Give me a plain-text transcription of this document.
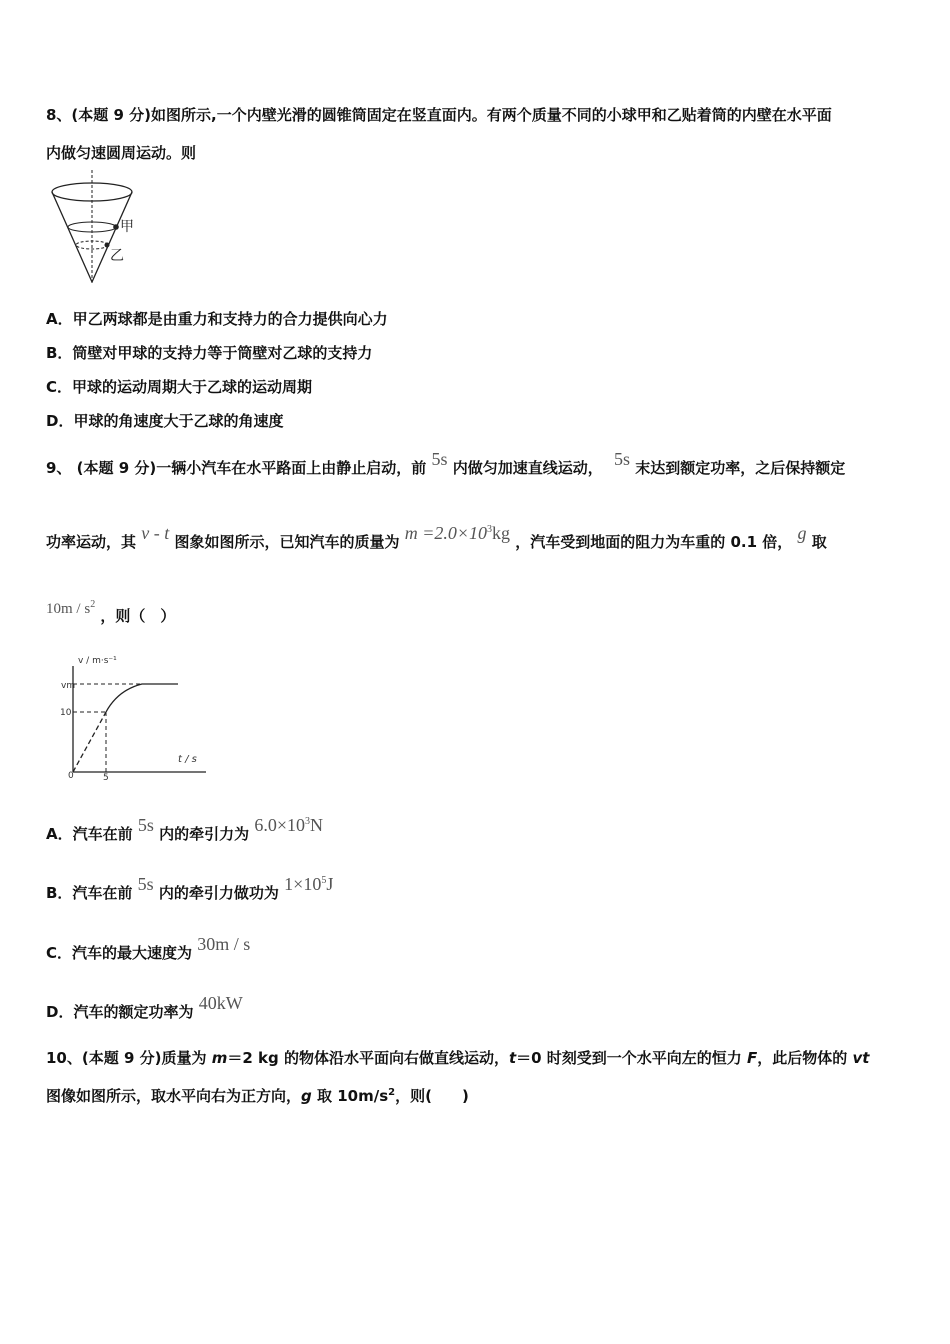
8、(本题 9 分)如图所示,一个内壁光滑的圆锥筒固定在竖直面内。有两个质量不同的小球甲和乙贴着筒的内壁在水平面
内做匀速圆周运动。则
甲
乙
A．甲乙两球都是由重力和支持力的合力提供向心力
B．筒壁对甲球的支持力等于筒壁对乙球的支持力
C．甲球的运动周期大于乙球的运动周期
D．甲球的角速度大于乙球的角速度
9、 (本题 9 分)一辆小汽车在水平路面上由静止启动，前 5s 内做匀加速直线运动， 5s 末达到额定功率，之后保持额定
功率运动，其 v - t 图象如图所示，已知汽车的质量为 $m =2.0\times 10^3kg$ ，汽车受到地面的阻力为车重的 0.1 倍， g 取
$10m / s^2$ ，则（　）
v / m·s⁻¹
t / s
vm
10
0	5
A．汽车在前 5s 内的牵引力为 $6.0\times 10^3N$
B．汽车在前 5s 内的牵引力做功为 $1\times 10^5J$
C．汽车的最大速度为 30m / s
D．汽车的额定功率为 40kW
10、(本题 9 分)质量为 m＝2 kg 的物体沿水平面向右做直线运动，t＝0 时刻受到一个水平向左的恒力 F，此后物体的 vt
图像如图所示，取水平向右为正方向，g 取 $10m/s^2$，则(　　)
